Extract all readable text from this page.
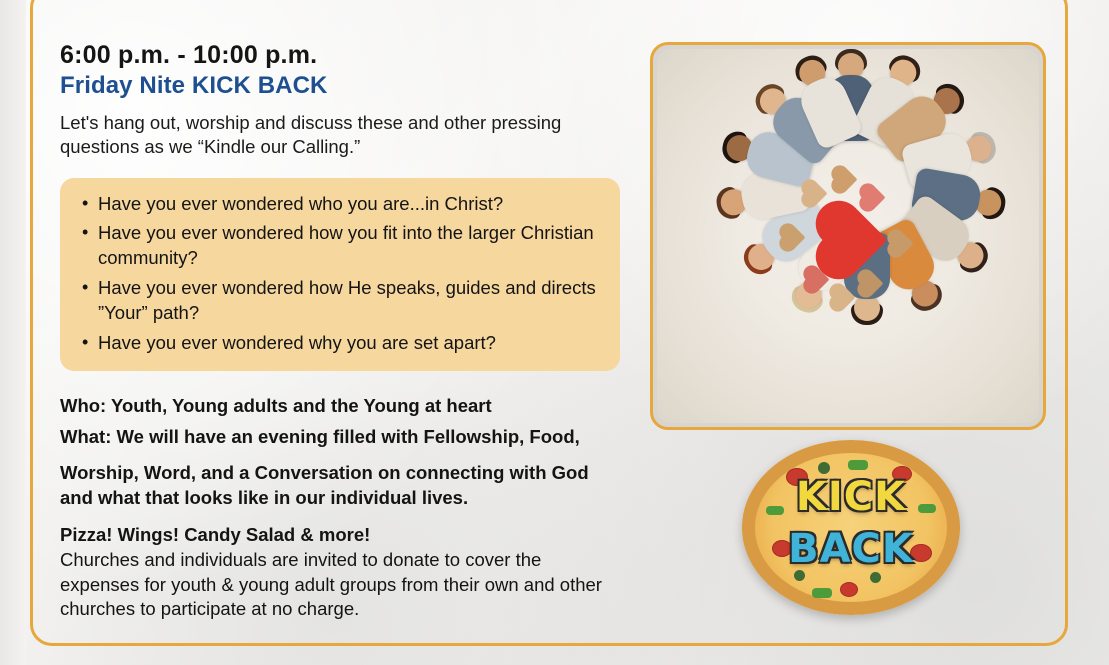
6:00 p.m. - 10:00 p.m.
Friday Nite KICK BACK

Let's hang out, worship and discuss these and other pressing questions as we “Kindle our Calling.”

• Have you ever wondered who you are...in Christ?
• Have you ever wondered how you fit into the larger Christian community?
• Have you ever wondered how He speaks, guides and directs ”Your” path?
• Have you ever wondered why you are set apart?

Who: Youth, Young adults and the Young at heart

What: We will have an evening filled with Fellowship, Food,

Worship, Word, and a Conversation on connecting with God and what that looks like in our individual lives.

Pizza! Wings! Candy Salad & more!

Churches and individuals are invited to donate to cover the expenses for youth & young adult groups from their own and other churches to participate at no charge.

KICK
BACK
